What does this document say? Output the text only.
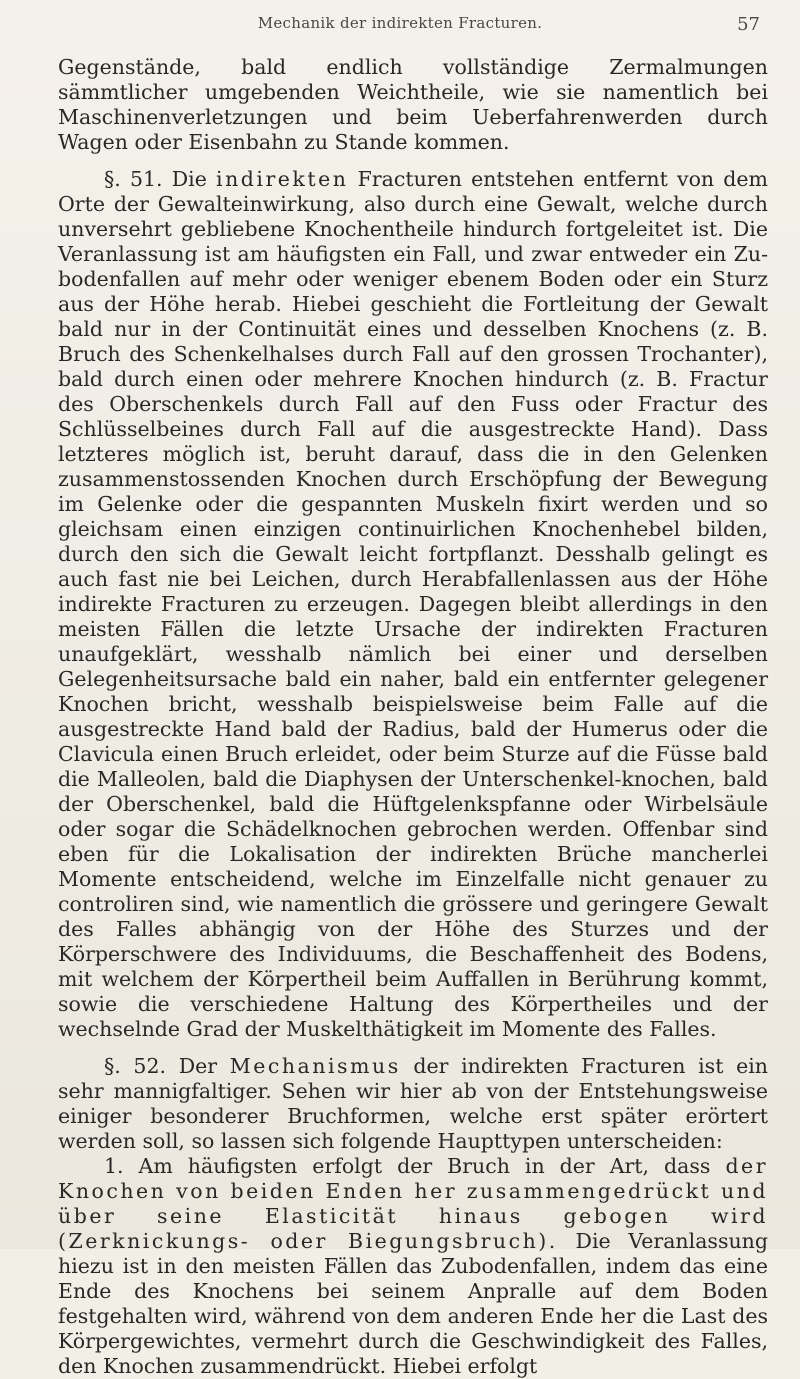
Mechanik der indirekten Fracturen.	57

Gegenstände, bald endlich vollständige Zermalmungen sämmtlicher umgebenden Weichtheile, wie sie namentlich bei Maschinenverletzungen und beim Ueberfahrenwerden durch Wagen oder Eisenbahn zu Stande kommen.

§. 51. Die indirekten Fracturen entstehen entfernt von dem Orte der Gewalteinwirkung, also durch eine Gewalt, welche durch unversehrt gebliebene Knochentheile hindurch fortgeleitet ist. Die Veranlassung ist am häufigsten ein Fall, und zwar entweder ein Zu-bodenfallen auf mehr oder weniger ebenem Boden oder ein Sturz aus der Höhe herab. Hiebei geschieht die Fortleitung der Gewalt bald nur in der Continuität eines und desselben Knochens (z. B. Bruch des Schenkelhalses durch Fall auf den grossen Trochanter), bald durch einen oder mehrere Knochen hindurch (z. B. Fractur des Oberschenkels durch Fall auf den Fuss oder Fractur des Schlüsselbeines durch Fall auf die ausgestreckte Hand). Dass letzteres möglich ist, beruht darauf, dass die in den Gelenken zusammenstossenden Knochen durch Erschöpfung der Bewegung im Gelenke oder die gespannten Muskeln fixirt werden und so gleichsam einen einzigen continuirlichen Knochenhebel bilden, durch den sich die Gewalt leicht fortpflanzt. Desshalb gelingt es auch fast nie bei Leichen, durch Herabfallenlassen aus der Höhe indirekte Fracturen zu erzeugen. Dagegen bleibt allerdings in den meisten Fällen die letzte Ursache der indirekten Fracturen unaufgeklärt, wesshalb nämlich bei einer und derselben Gelegenheitsursache bald ein naher, bald ein entfernter gelegener Knochen bricht, wesshalb beispielsweise beim Falle auf die ausgestreckte Hand bald der Radius, bald der Humerus oder die Clavicula einen Bruch erleidet, oder beim Sturze auf die Füsse bald die Malleolen, bald die Diaphysen der Unterschenkel-knochen, bald der Oberschenkel, bald die Hüftgelenkspfanne oder Wirbelsäule oder sogar die Schädelknochen gebrochen werden. Offenbar sind eben für die Lokalisation der indirekten Brüche mancherlei Momente entscheidend, welche im Einzelfalle nicht genauer zu controliren sind, wie namentlich die grössere und geringere Gewalt des Falles abhängig von der Höhe des Sturzes und der Körperschwere des Individuums, die Beschaffenheit des Bodens, mit welchem der Körpertheil beim Auffallen in Berührung kommt, sowie die verschiedene Haltung des Körpertheiles und der wechselnde Grad der Muskelthätigkeit im Momente des Falles.

§. 52. Der Mechanismus der indirekten Fracturen ist ein sehr mannigfaltiger. Sehen wir hier ab von der Entstehungsweise einiger besonderer Bruchformen, welche erst später erörtert werden soll, so lassen sich folgende Haupttypen unterscheiden:

1. Am häufigsten erfolgt der Bruch in der Art, dass der Knochen von beiden Enden her zusammengedrückt und über seine Elasticität hinaus gebogen wird (Zerknickungs- oder Biegungsbruch). Die Veranlassung hiezu ist in den meisten Fällen das Zubodenfallen, indem das eine Ende des Knochens bei seinem Anpralle auf dem Boden festgehalten wird, während von dem anderen Ende her die Last des Körpergewichtes, vermehrt durch die Geschwindigkeit des Falles, den Knochen zusammendrückt. Hiebei erfolgt
